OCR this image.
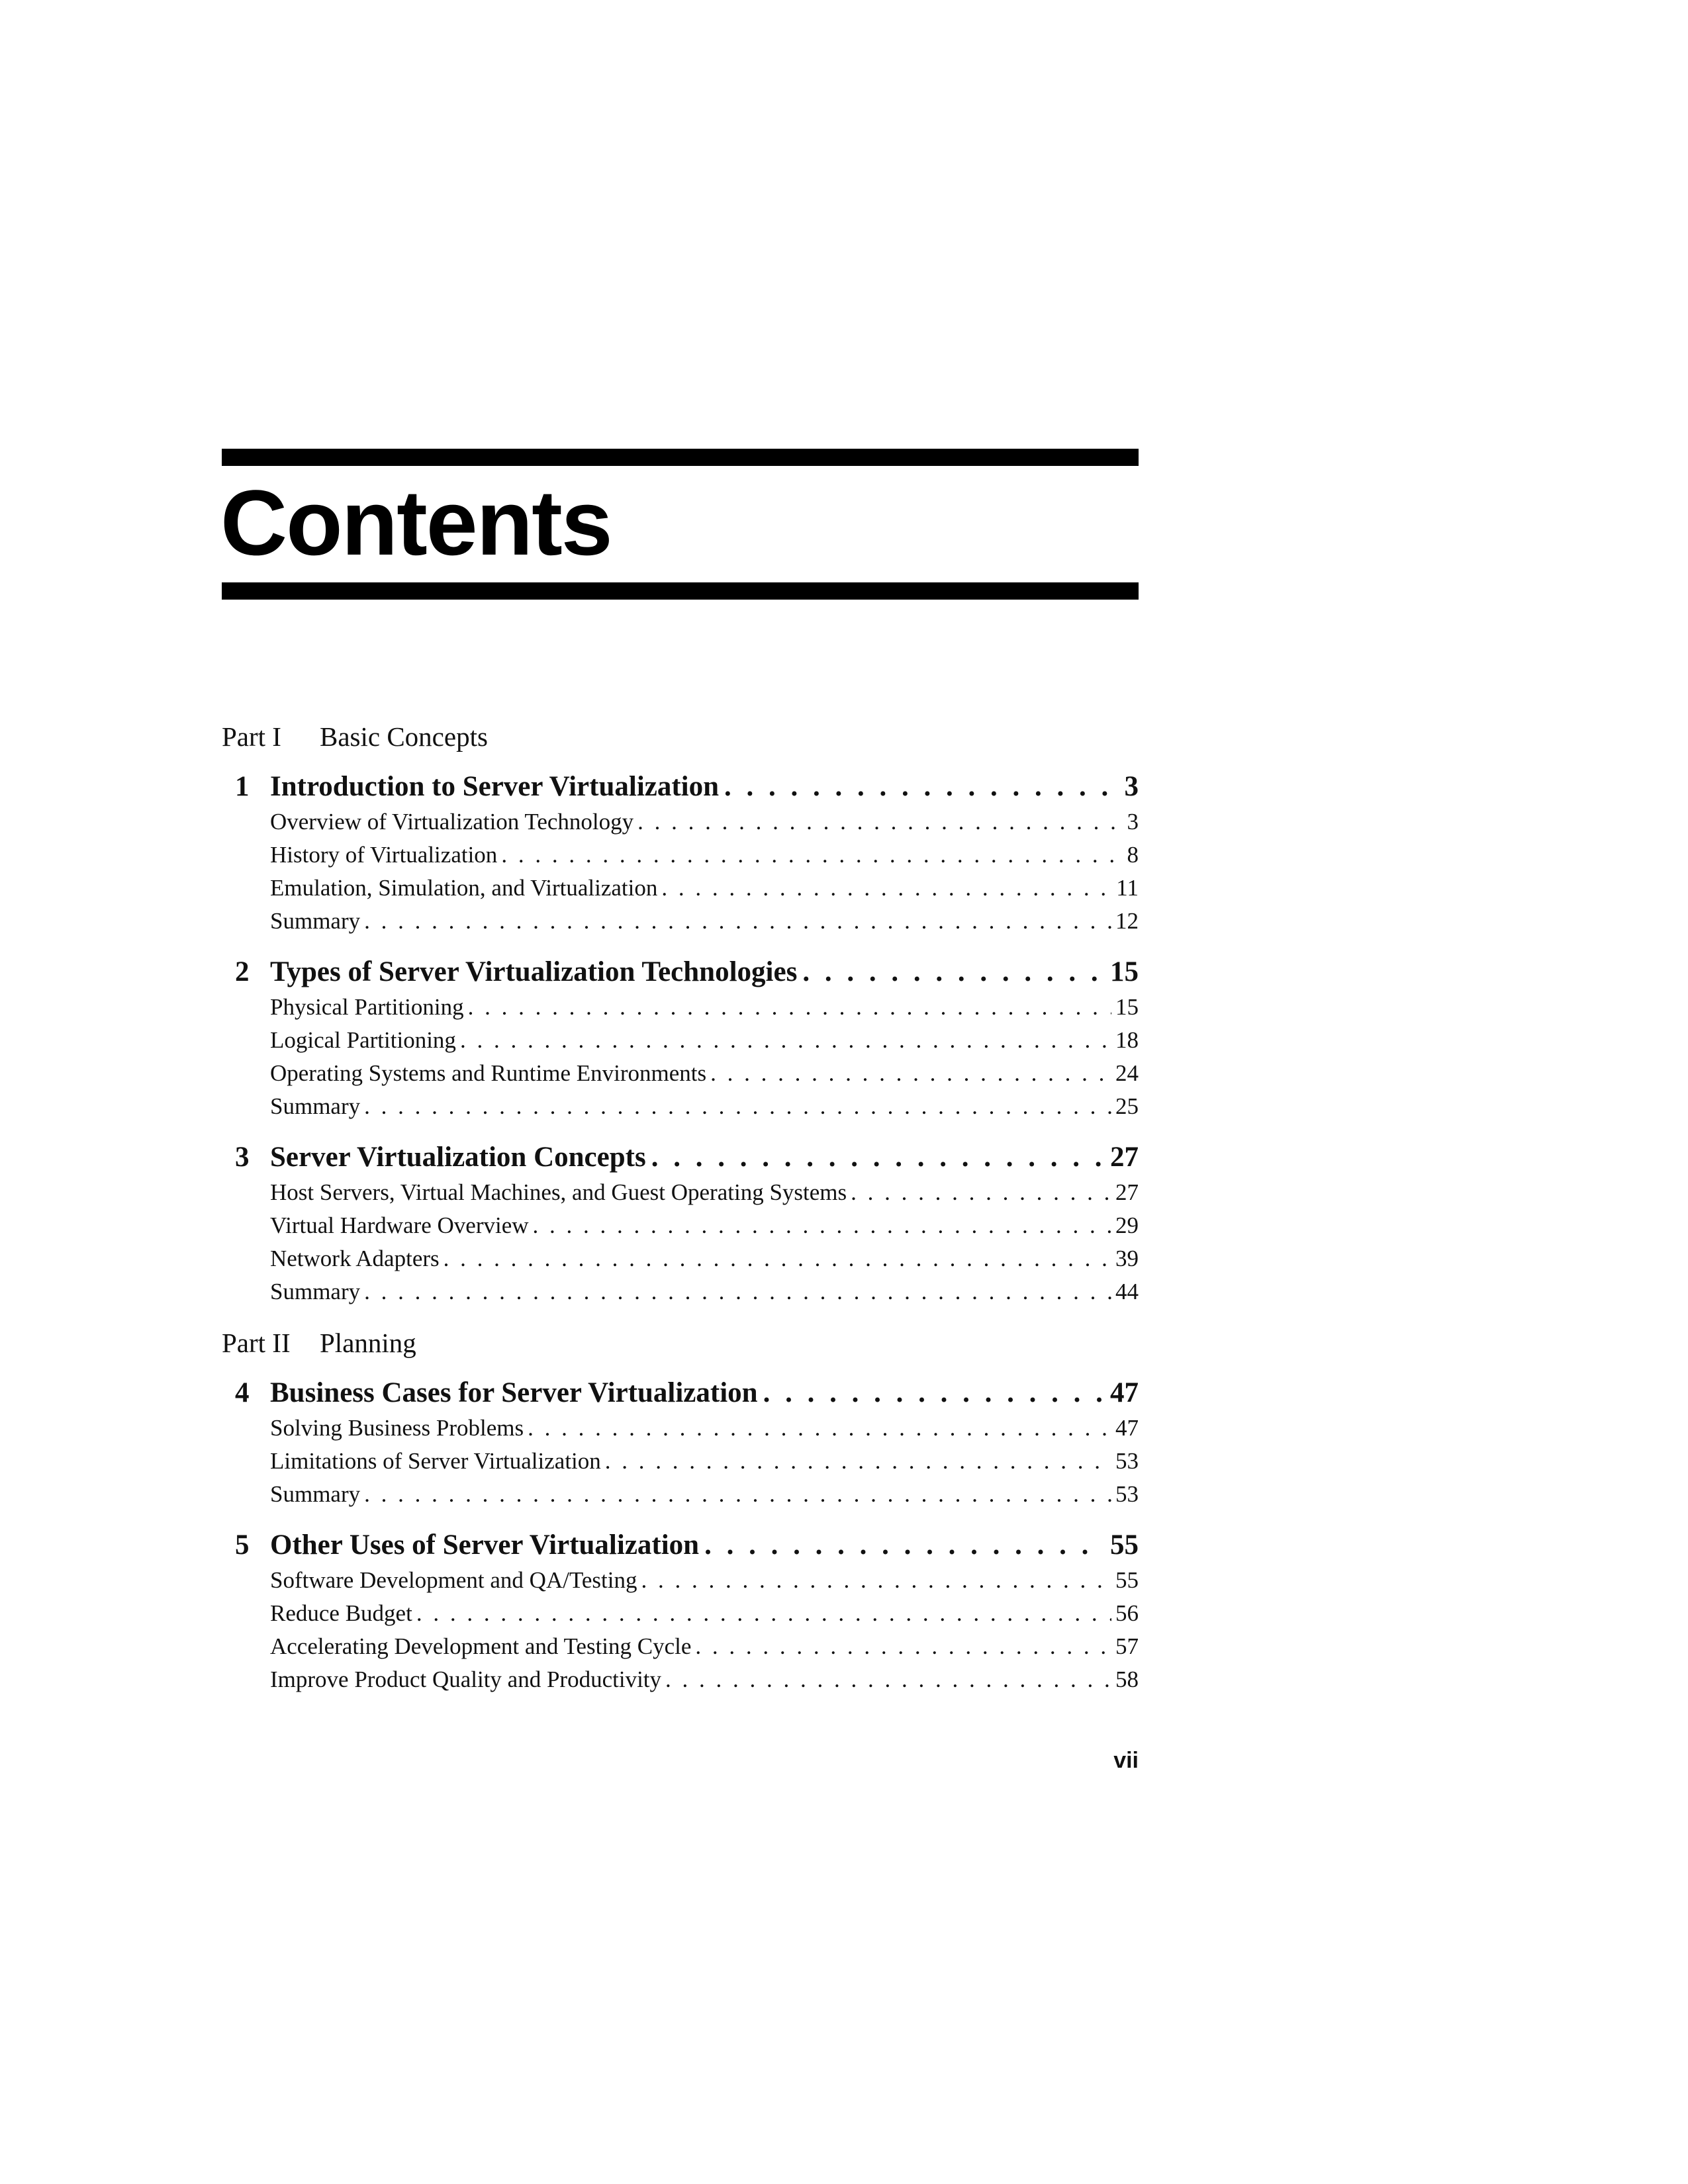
Contents
Part I Basic Concepts
1 Introduction to Server Virtualization . . .	3
Overview of Virtualization Technology . . .	3
History of Virtualization . . .	8
Emulation, Simulation, and Virtualization . . .	11
Summary . . .	12
2 Types of Server Virtualization Technologies . . .	15
Physical Partitioning . . .	15
Logical Partitioning . . .	18
Operating Systems and Runtime Environments . . .	24
Summary . . .	25
3 Server Virtualization Concepts . . .	27
Host Servers, Virtual Machines, and Guest Operating Systems . . .	27
Virtual Hardware Overview . . .	29
Network Adapters . . .	39
Summary . . .	44
Part II Planning
4 Business Cases for Server Virtualization . . .	47
Solving Business Problems . . .	47
Limitations of Server Virtualization . . .	53
Summary . . .	53
5 Other Uses of Server Virtualization . . .	55
Software Development and QA/Testing . . .	55
Reduce Budget . . .	56
Accelerating Development and Testing Cycle . . .	57
Improve Product Quality and Productivity . . .	58
vii
